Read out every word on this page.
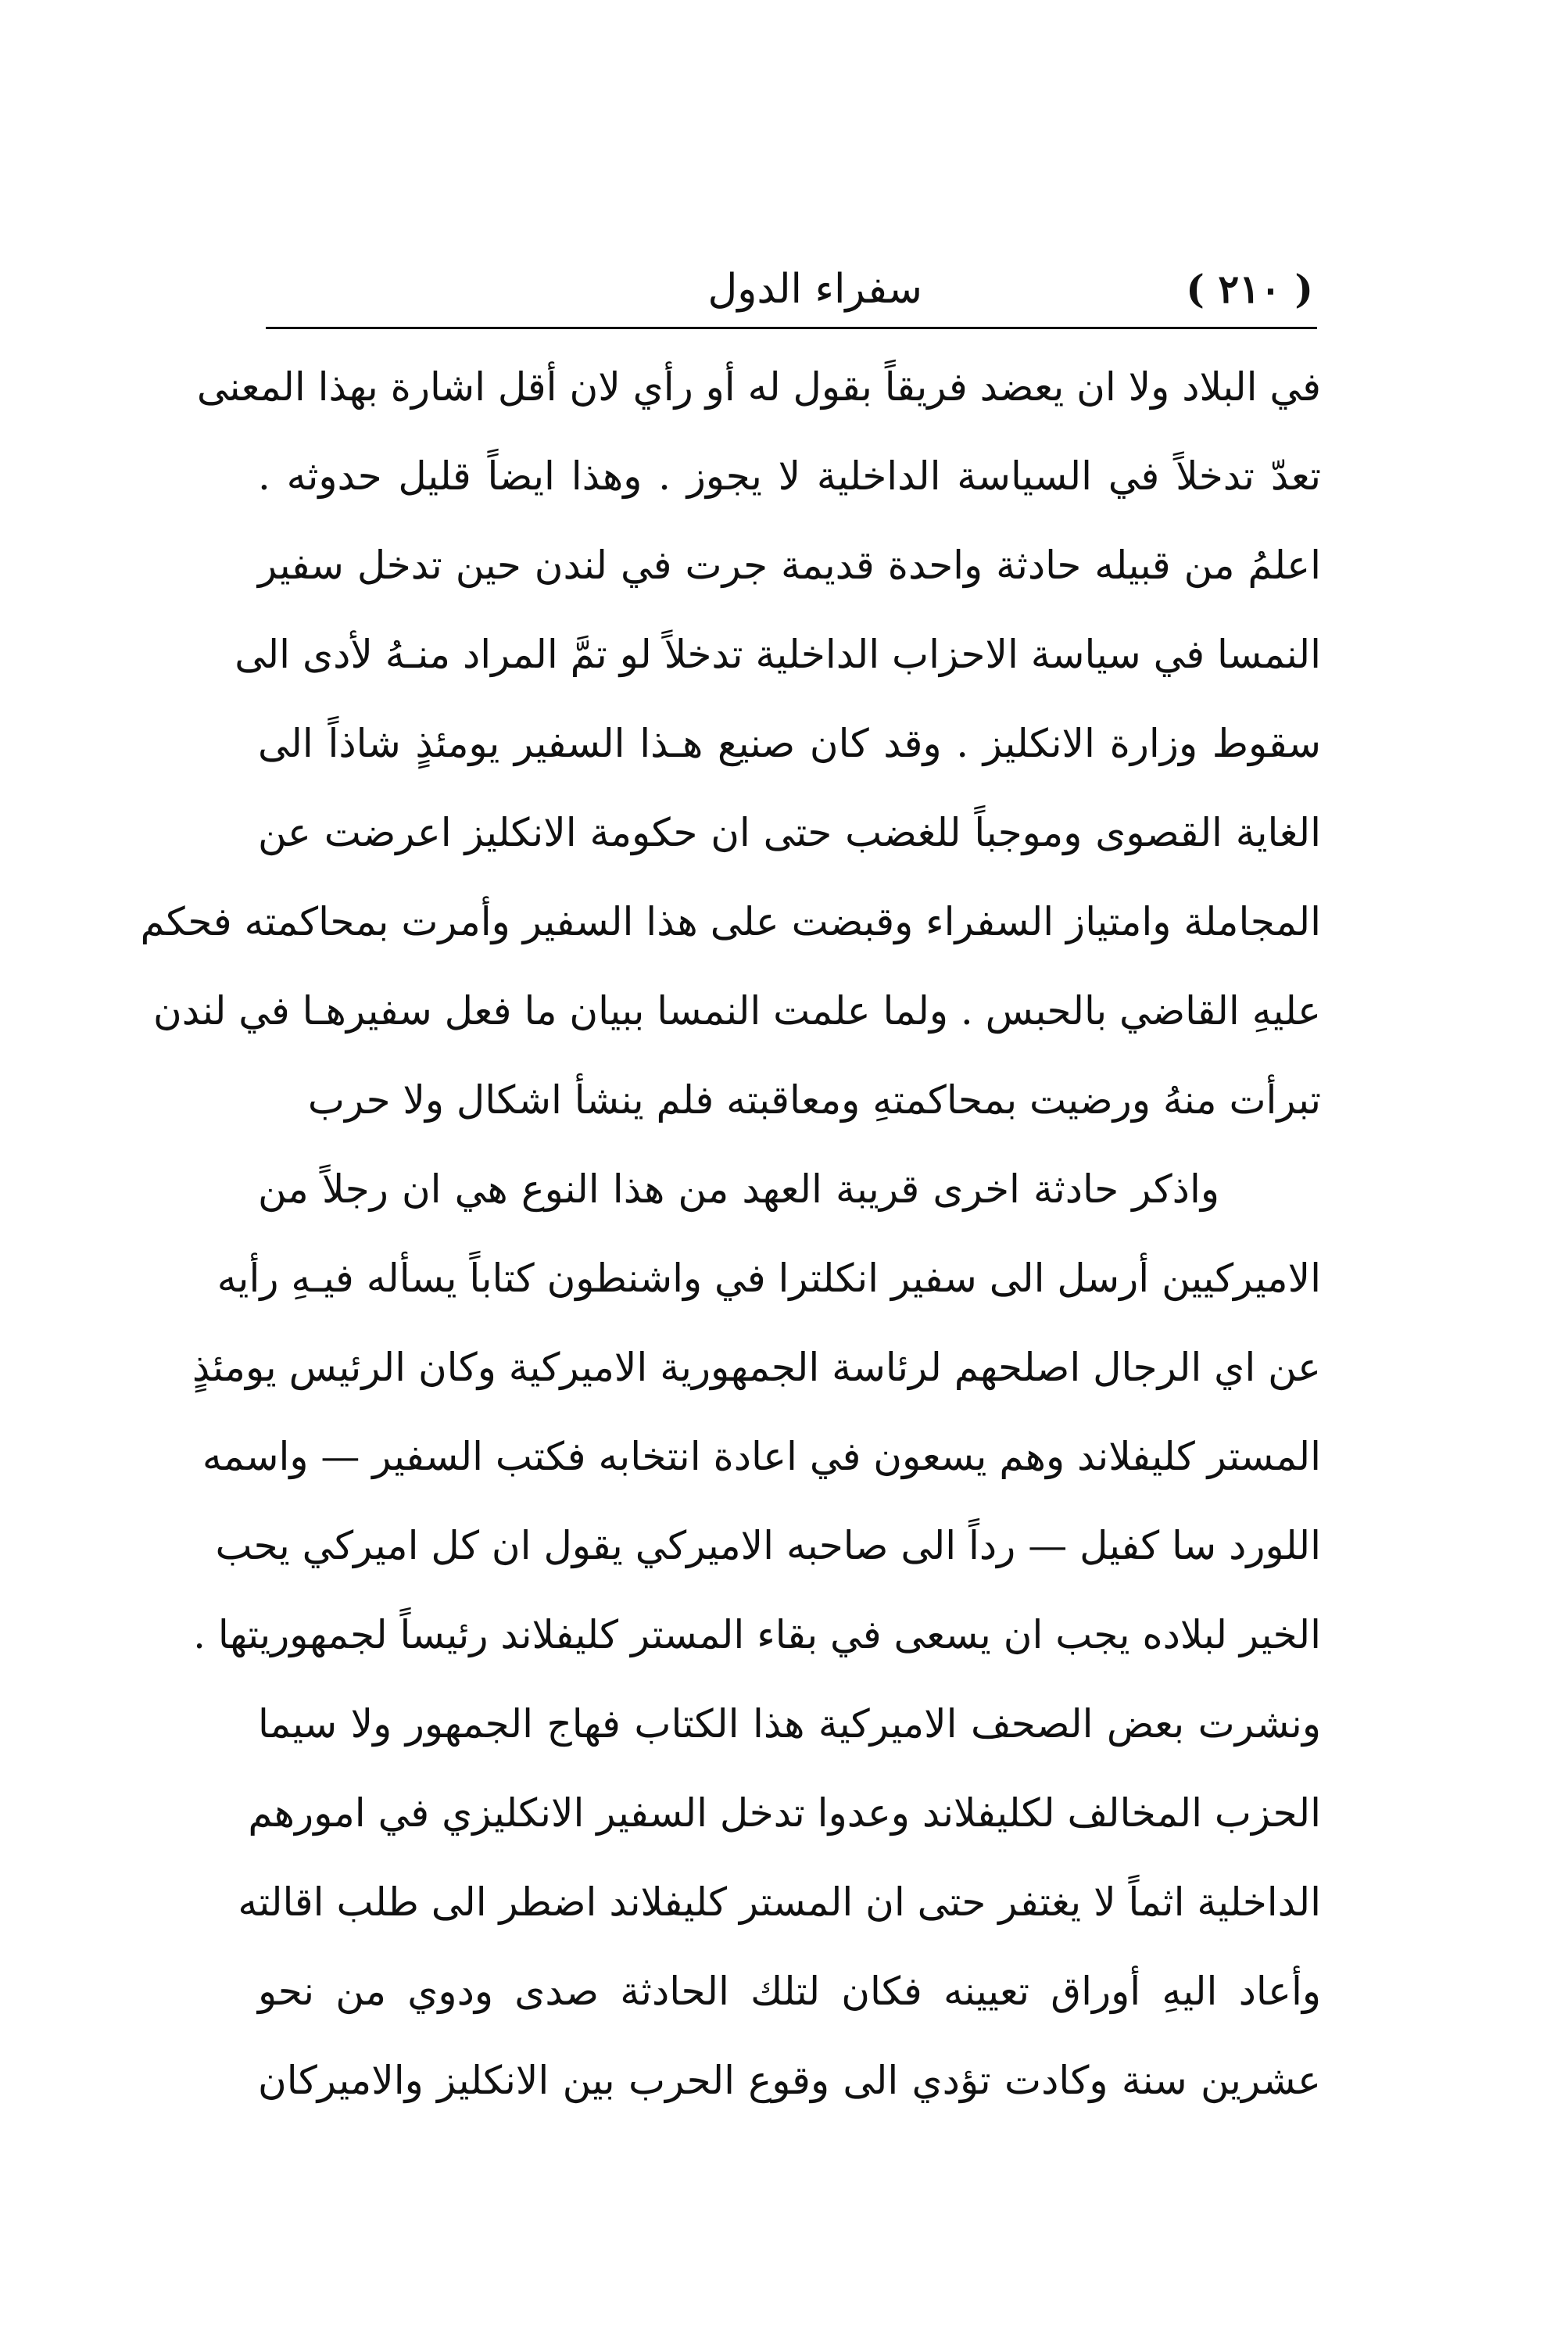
( ٢١٠ )
سفراء الدول
في البلاد ولا ان يعضد فريقاً بقول له أو رأي لان أقل اشارة بهذا المعنى
تعدّ تدخلاً في السياسة الداخلية لا يجوز . وهذا ايضاً قليل حدوثه .
اعلمُ من قبيله حادثة واحدة قديمة جرت في لندن حين تدخل سفير
النمسا في سياسة الاحزاب الداخلية تدخلاً لو تمَّ المراد منـهُ لأدى الى
سقوط وزارة الانكليز . وقد كان صنيع هـذا السفير يومئذٍ شاذاً الى
الغاية القصوى وموجباً للغضب حتى ان حكومة الانكليز اعرضت عن
المجاملة وامتياز السفراء وقبضت على هذا السفير وأمرت بمحاكمته فحكم
عليهِ القاضي بالحبس . ولما علمت النمسا ببيان ما فعل سفيرهـا في لندن
تبرأت منهُ ورضيت بمحاكمتهِ ومعاقبته فلم ينشأ اشكال ولا حرب
واذكر حادثة اخرى قريبة العهد من هذا النوع هي ان رجلاً من
الاميركيين أرسل الى سفير انكلترا في واشنطون كتاباً يسأله فيـهِ رأيه
عن اي الرجال اصلحهم لرئاسة الجمهورية الاميركية وكان الرئيس يومئذٍ
المستر كليفلاند وهم يسعون في اعادة انتخابه فكتب السفير — واسمه
اللورد سا كفيل — رداً الى صاحبه الاميركي يقول ان كل اميركي يحب
الخير لبلاده يجب ان يسعى في بقاء المستر كليفلاند رئيساً لجمهوريتها .
ونشرت بعض الصحف الاميركية هذا الكتاب فهاج الجمهور ولا سيما
الحزب المخالف لكليفلاند وعدوا تدخل السفير الانكليزي في امورهم
الداخلية اثماً لا يغتفر حتى ان المستر كليفلاند اضطر الى طلب اقالته
وأعاد اليهِ أوراق تعيينه فكان لتلك الحادثة صدى ودوي من نحو
عشرين سنة وكادت تؤدي الى وقوع الحرب بين الانكليز والاميركان
